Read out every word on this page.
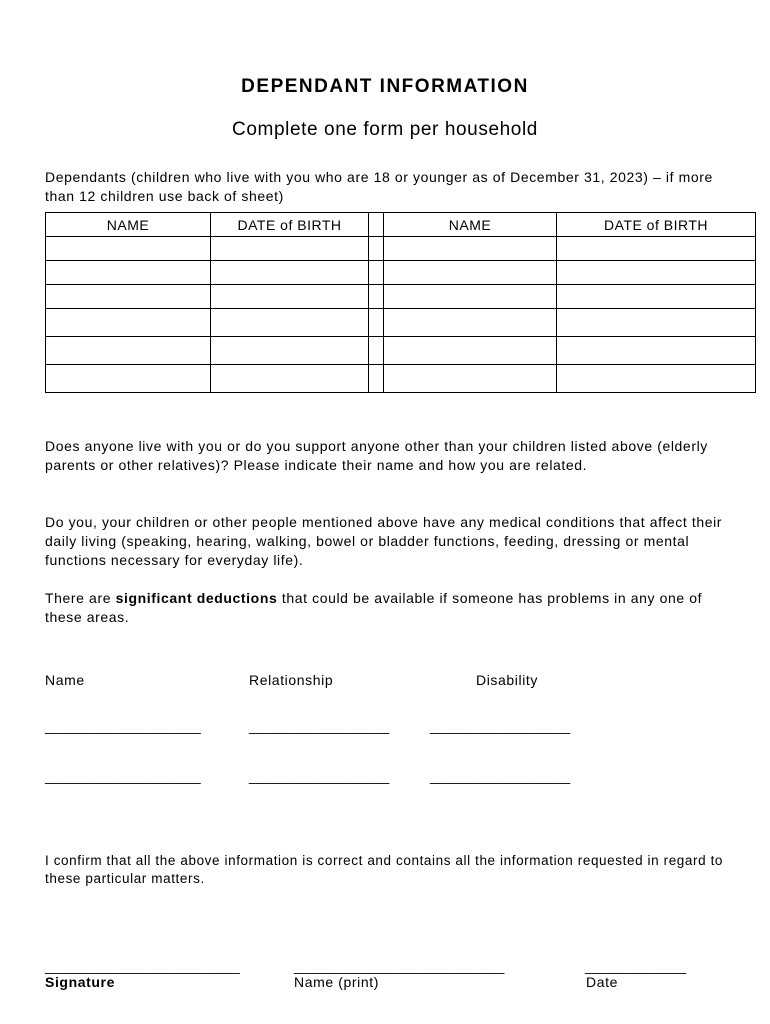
DEPENDANT INFORMATION
Complete one form per household

Dependants (children who live with you who are 18 or younger as of December 31, 2023) – if more than 12 children use back of sheet)

NAME	DATE of BIRTH		NAME	DATE of BIRTH

Does anyone live with you or do you support anyone other than your children listed above (elderly parents or other relatives)? Please indicate their name and how you are related.

Do you, your children or other people mentioned above have any medical conditions that affect their daily living (speaking, hearing, walking, bowel or bladder functions, feeding, dressing or mental functions necessary for everyday life).

There are significant deductions that could be available if someone has problems in any one of these areas.

Name	Relationship	Disability
____________________	__________________	__________________
____________________	__________________	__________________

I confirm that all the above information is correct and contains all the information requested in regard to these particular matters.

_________________________	___________________________	_____________
Signature	Name (print)	Date
